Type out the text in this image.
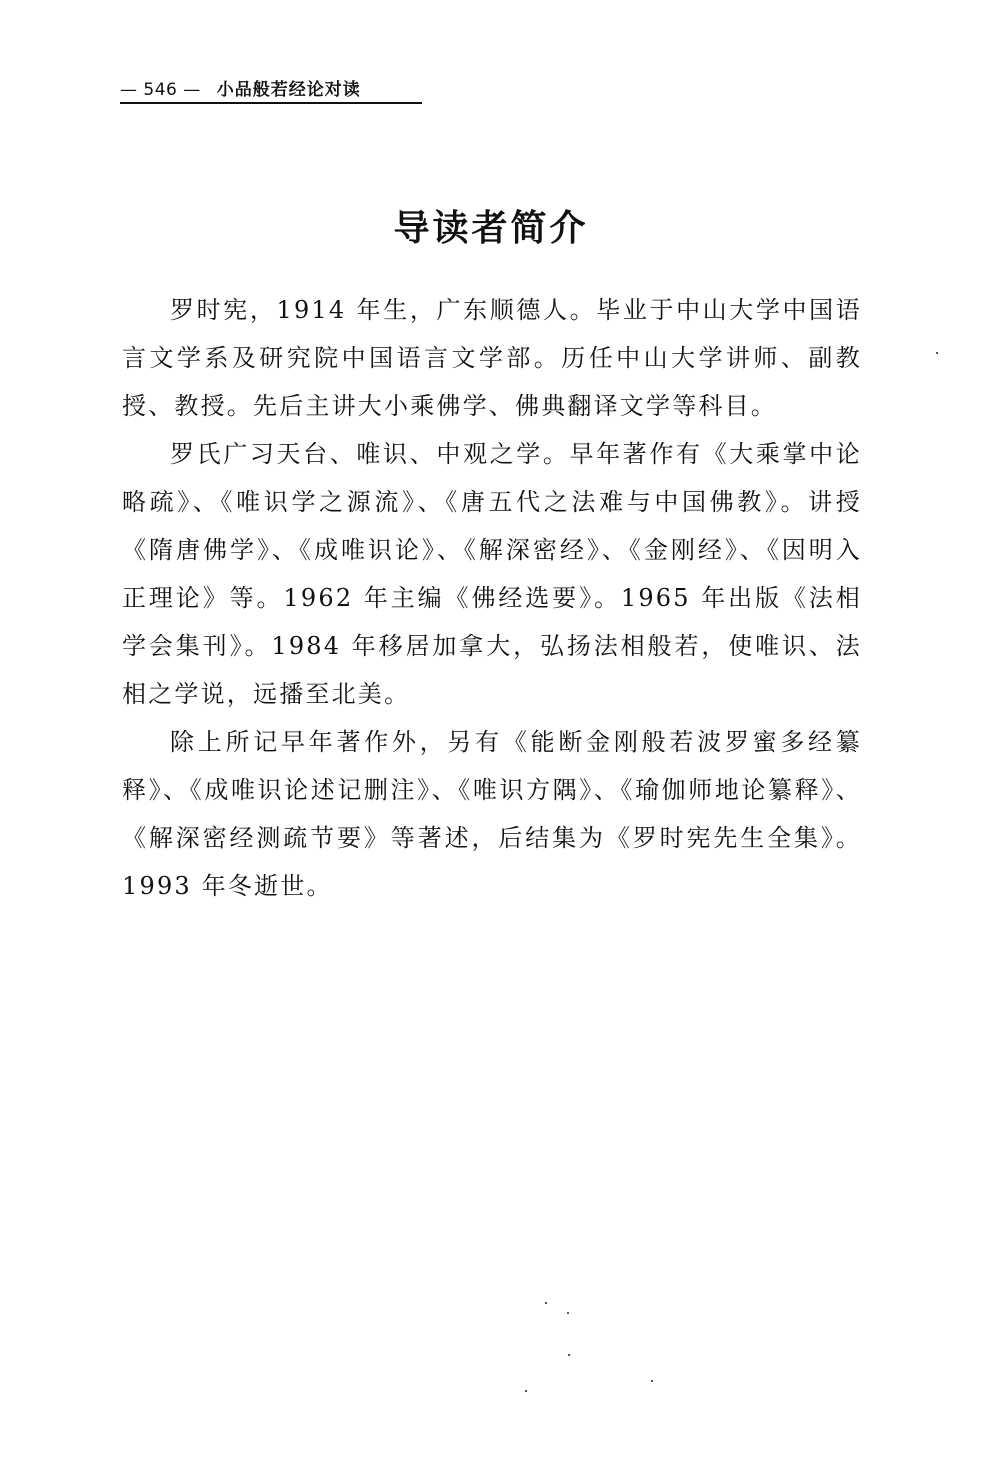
— 546 — 小品般若经论对读
导读者简介

罗时宪，1914 年生，广东顺德人。毕业于中山大学中国语言文学系及研究院中国语言文学部。历任中山大学讲师、副教授、教授。先后主讲大小乘佛学、佛典翻译文学等科目。

罗氏广习天台、唯识、中观之学。早年著作有《大乘掌中论略疏》、《唯识学之源流》、《唐五代之法难与中国佛教》。讲授《隋唐佛学》、《成唯识论》、《解深密经》、《金刚经》、《因明入正理论》等。1962 年主编《佛经选要》。1965 年出版《法相学会集刊》。1984 年移居加拿大，弘扬法相般若，使唯识、法相之学说，远播至北美。

除上所记早年著作外，另有《能断金刚般若波罗蜜多经纂释》、《成唯识论述记删注》、《唯识方隅》、《瑜伽师地论纂释》、《解深密经测疏节要》等著述，后结集为《罗时宪先生全集》。1993 年冬逝世。
